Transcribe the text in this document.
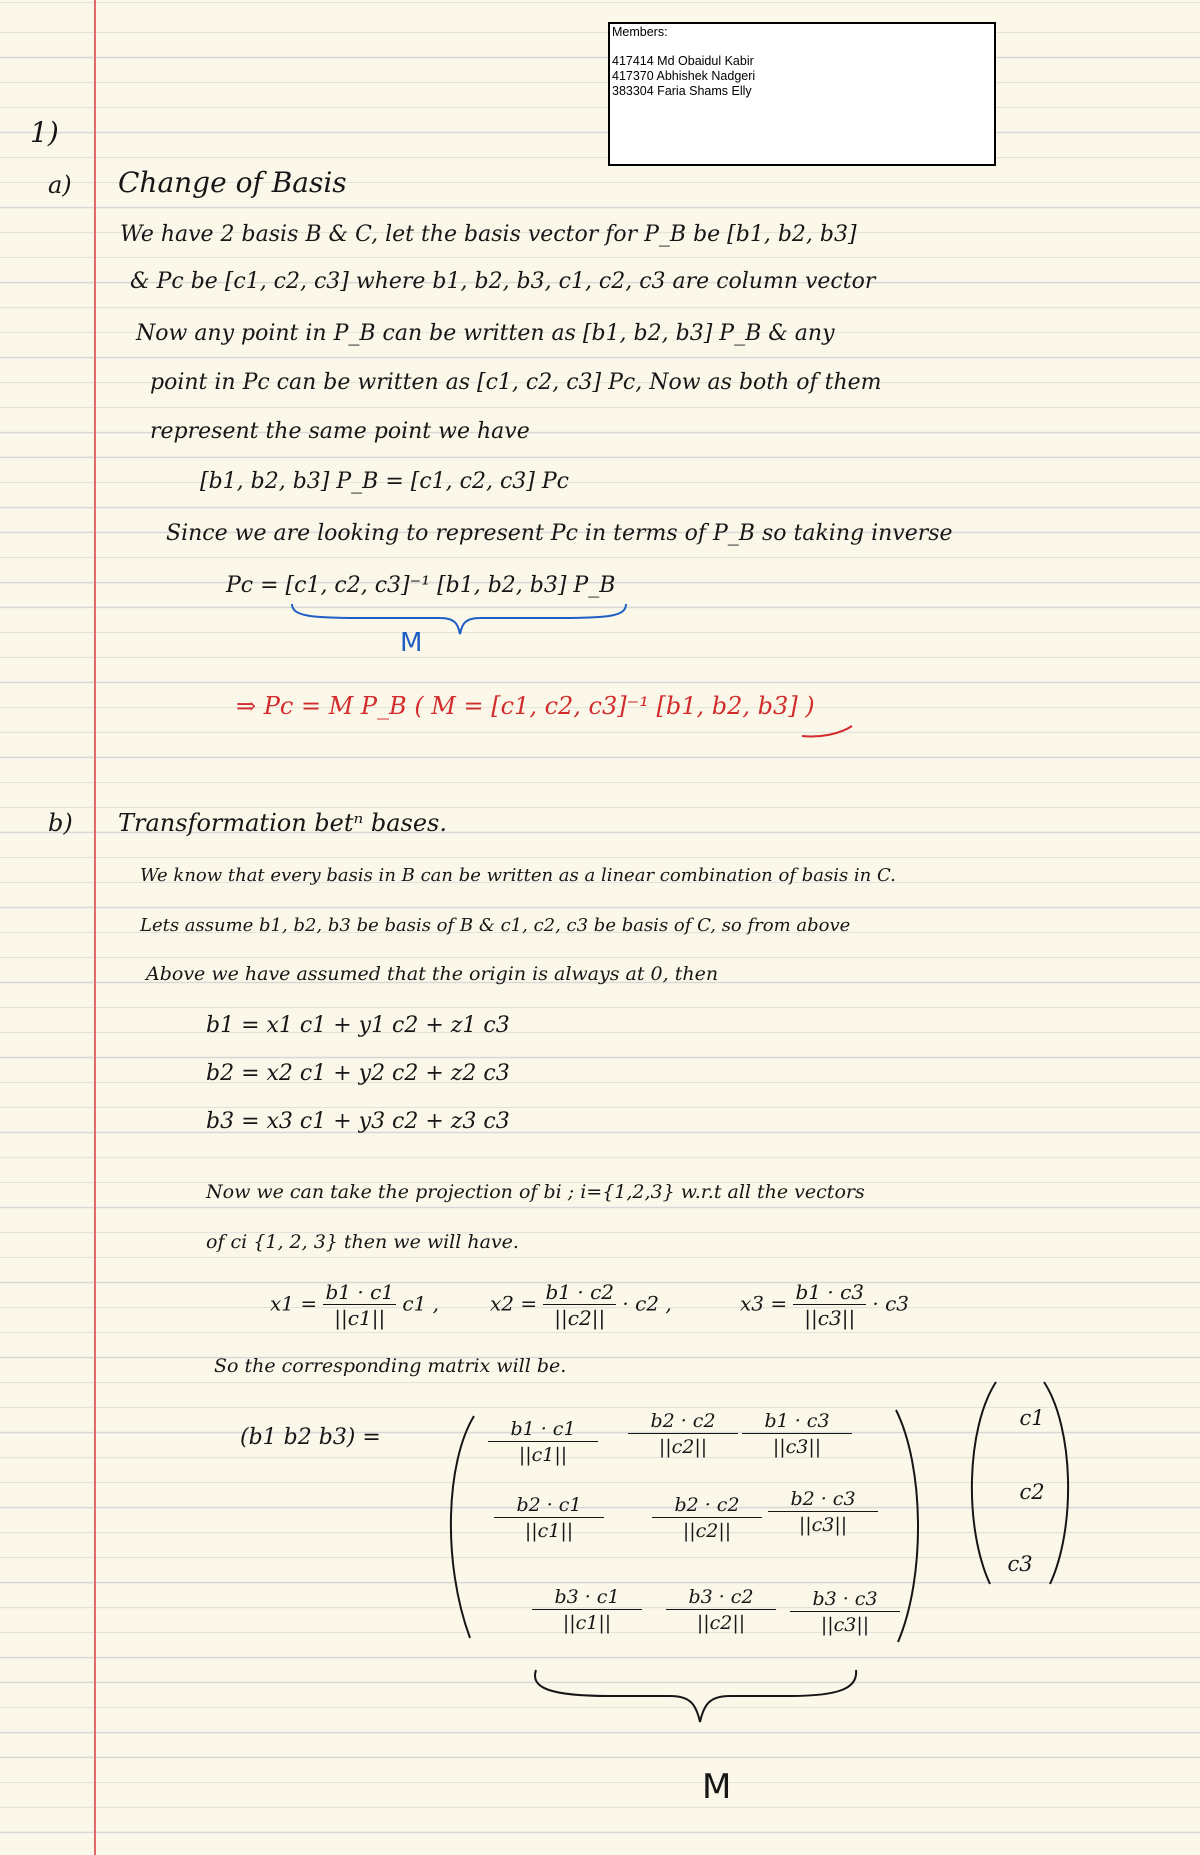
Members:
417414 Md Obaidul Kabir
417370 Abhishek Nadgeri
383304 Faria Shams Elly
1)
a) Change of Basis
We have 2 basis B & C, let the basis vector for P_B be [b1, b2, b3]
& Pc be [c1, c2, c3] where b1, b2, b3, c1, c2, c3 are column vector
Now any point in P_B can be written as [b1, b2, b3] P_B & any
point in Pc can be written as [c1, c2, c3] Pc, Now as both of them
represent the same point we have
[b1, b2, b3] P_B = [c1, c2, c3] Pc
Since we are looking to represent Pc in terms of P_B so taking inverse
Pc = [c1, c2, c3]⁻¹ [b1, b2, b3] P_B
M
⇒ Pc = M P_B ( M = [c1, c2, c3]⁻¹ [b1, b2, b3] )
b) Transformation betⁿ bases.
We know that every basis in B can be written as a linear combination of basis in C.
Lets assume b1, b2, b3 be basis of B & c1, c2, c3 be basis of C, so from above
Above we have assumed that the origin is always at 0, then
b1 = x1 c1 + y1 c2 + z1 c3
b2 = x2 c1 + y2 c2 + z2 c3
b3 = x3 c1 + y3 c2 + z3 c3
Now we can take the projection of bi ; i={1,2,3} w.r.t all the vectors
of ci {1, 2, 3} then we will have.
$x1 = \frac{b1 \cdot c1}{||c1||} c1$ ,	$x2 = \frac{b1 \cdot c2}{||c2||} \cdot c2$ ,	$x3 = \frac{b1 \cdot c3}{||c3||} \cdot c3$
So the corresponding matrix will be.
(b1 b2 b3) =	$\frac{b1 \cdot c1}{||c1||} \frac{b2 \cdot c2}{||c2||} \frac{b1 \cdot c3}{||c3||}$
$\frac{b2 \cdot c1}{||c1||}$	$\frac{b2 \cdot c2}{||c2||} \frac{b2 \cdot c3}{||c3||}$
$\frac{b3 \cdot c1}{||c1||} \frac{b3 \cdot c2}{||c2||} \frac{b3 \cdot c3}{||c3||}$
c1
c2
c3
M
